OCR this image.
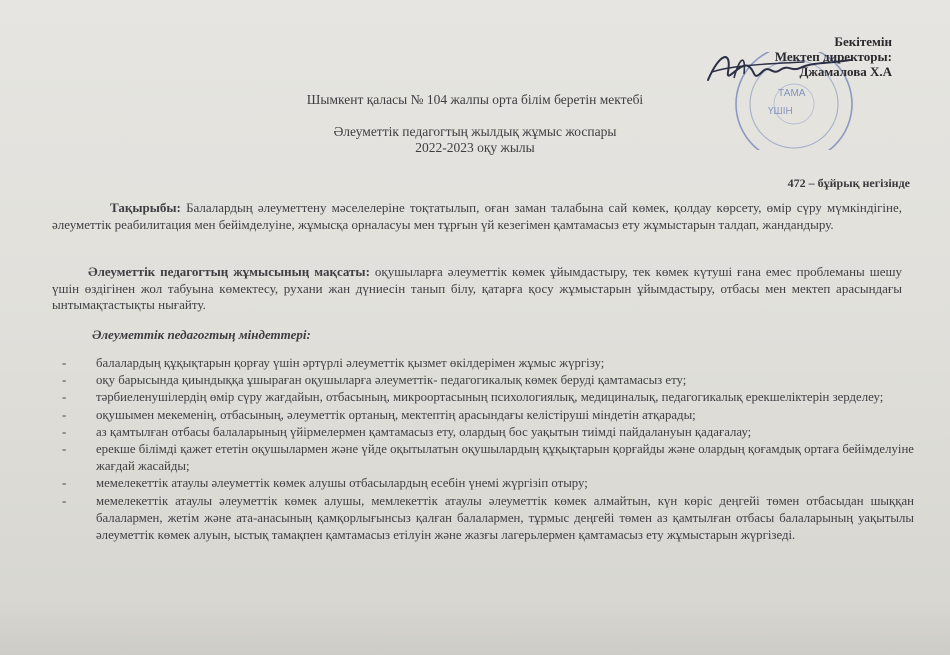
ТАМА
ҮШІН
Бекітемін
Мектеп директоры:
Джамалова Х.А
Шымкент қаласы № 104 жалпы орта білім беретін мектебі
Әлеуметтік педагогтың жылдық жұмыс жоспары
2022-2023 оқу жылы
472 – бұйрық негізінде
Тақырыбы: Балалардың әлеуметтену мәселелеріне тоқтатылып, оған заман талабына сай көмек, қолдау көрсету, өмір сүру мүмкіндігіне, әлеуметтік реабилитация мен бейімделуіне, жұмысқа орналасуы мен тұрғын үй кезегімен қамтамасыз ету жұмыстарын талдап, жандандыру.
Әлеуметтік педагогтың жұмысының мақсаты: оқушыларға әлеуметтік көмек ұйымдастыру, тек көмек күтуші ғана емес проблеманы шешу үшін өздігінен жол табуына көмектесу, рухани жан дүниесін танып білу, қатарға қосу жұмыстарын ұйымдастыру, отбасы мен мектеп арасындағы ынтымақтастықты нығайту.
Әлеуметтік педагогтың міндеттері:
- балалардың құқықтарын қорғау үшін әртүрлі әлеуметтік қызмет өкілдерімен жұмыс жүргізу;
- оқу барысында қиындыққа ұшыраған оқушыларға әлеуметтік- педагогикалық көмек беруді қамтамасыз ету;
- тәрбиеленушілердің өмір сүру жағдайын, отбасының, микроортасының психологиялық, медициналық, педагогикалық ерекшеліктерін зерделеу;
- оқушымен мекеменің, отбасының, әлеуметтік ортаның, мектептің арасындағы келістіруші міндетін атқарады;
- аз қамтылған отбасы балаларының үйірмелермен қамтамасыз ету, олардың бос уақытын тиімді пайдалануын қадағалау;
- ерекше білімді қажет ететін оқушылармен және үйде оқытылатын оқушылардың құқықтарын қорғайды және олардың қоғамдық ортаға бейімделуіне жағдай жасайды;
- мемелекеттік атаулы әлеуметтік көмек алушы отбасылардың есебін үнемі жүргізіп отыру;
- мемелекеттік атаулы әлеуметтік көмек алушы, мемлекеттік атаулы әлеуметтік көмек алмайтын, күн көріс деңгейі төмен отбасыдан шыққан балалармен, жетім және ата-анасының қамқорлығынсыз қалған балалармен, тұрмыс деңгейі төмен аз қамтылған отбасы балаларының уақытылы әлеуметтік көмек алуын, ыстық тамақпен қамтамасыз етілуін және жазғы лагерьлермен қамтамасыз ету жұмыстарын жүргізеді.
